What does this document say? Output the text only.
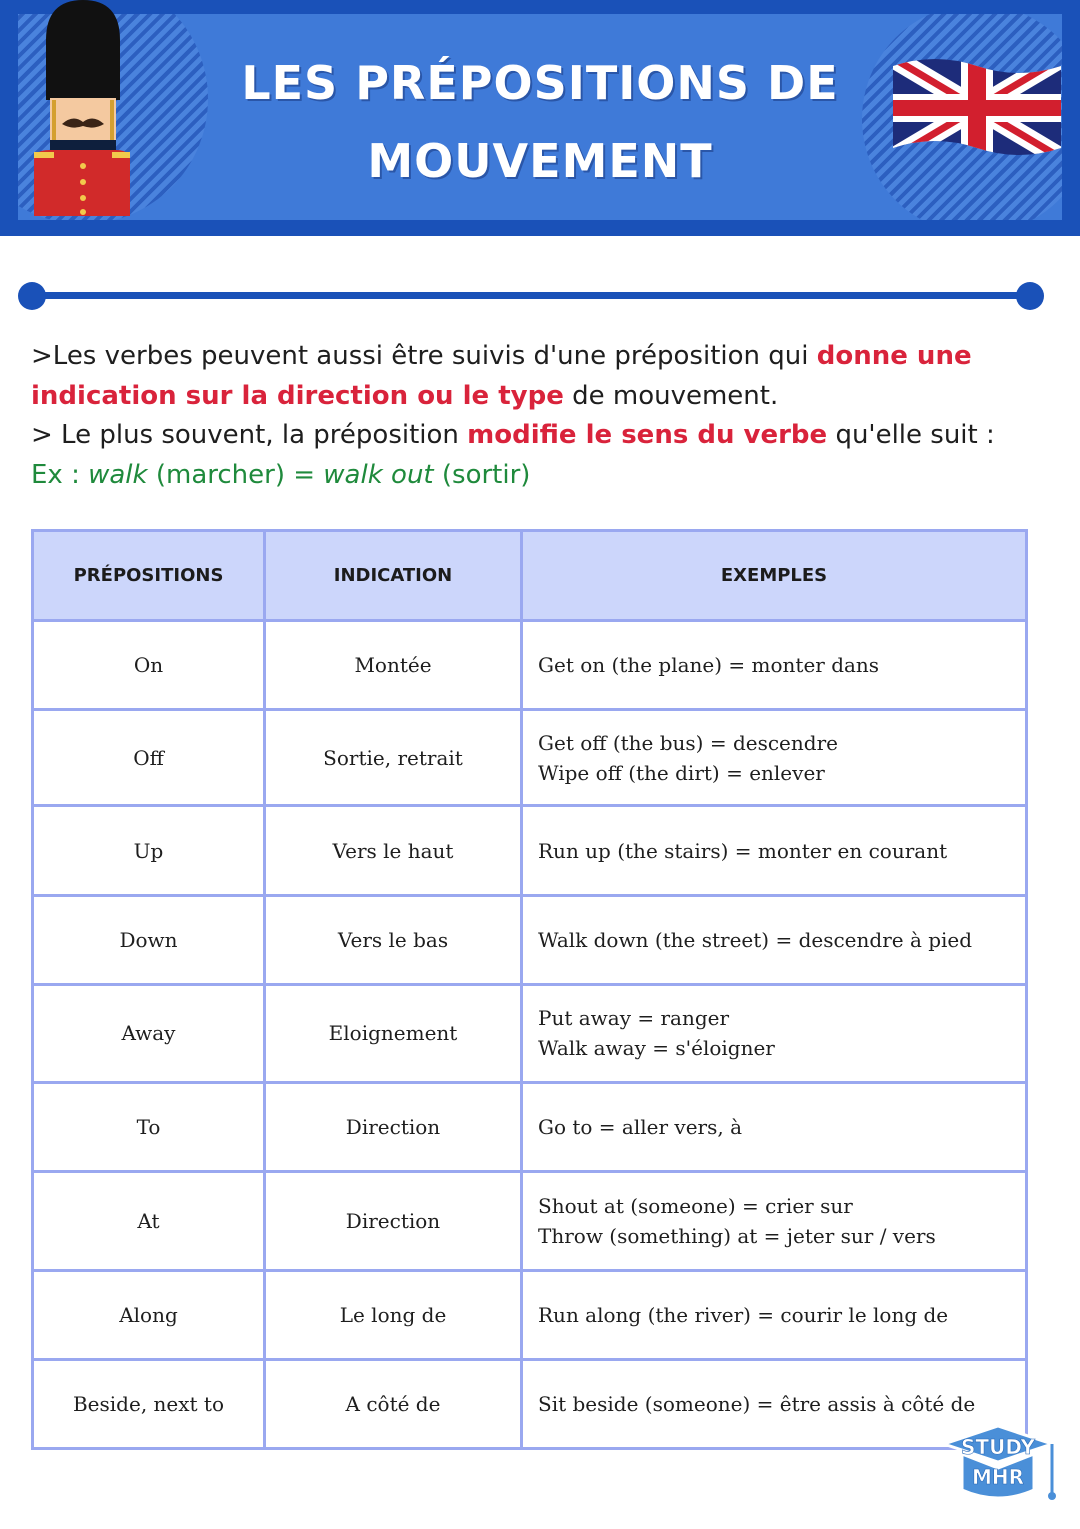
LES PRÉPOSITIONS DE
MOUVEMENT
>Les verbes peuvent aussi être suivis d'une préposition qui donne une indication sur la direction ou le type de mouvement.
> Le plus souvent, la préposition modifie le sens du verbe qu'elle suit :
Ex : walk (marcher) = walk out (sortir)
PRÉPOSITIONS	INDICATION	EXEMPLES
On	Montée	Get on (the plane) = monter dans

Off	Sortie, retrait	Get off (the bus) = descendre
Wipe off (the dirt) = enlever

Up	Vers le haut	Run up (the stairs) = monter en courant

Down	Vers le bas	Walk down (the street) = descendre à pied

Away	Eloignement	Put away = ranger
Walk away = s'éloigner

To	Direction	Go to = aller vers, à

At	Direction	Shout at (someone) = crier sur
Throw (something) at = jeter sur / vers

Along	Le long de	Run along (the river) = courir le long de

Beside, next to	A côté de	Sit beside (someone) = être assis à côté de
STUDY
MHR
